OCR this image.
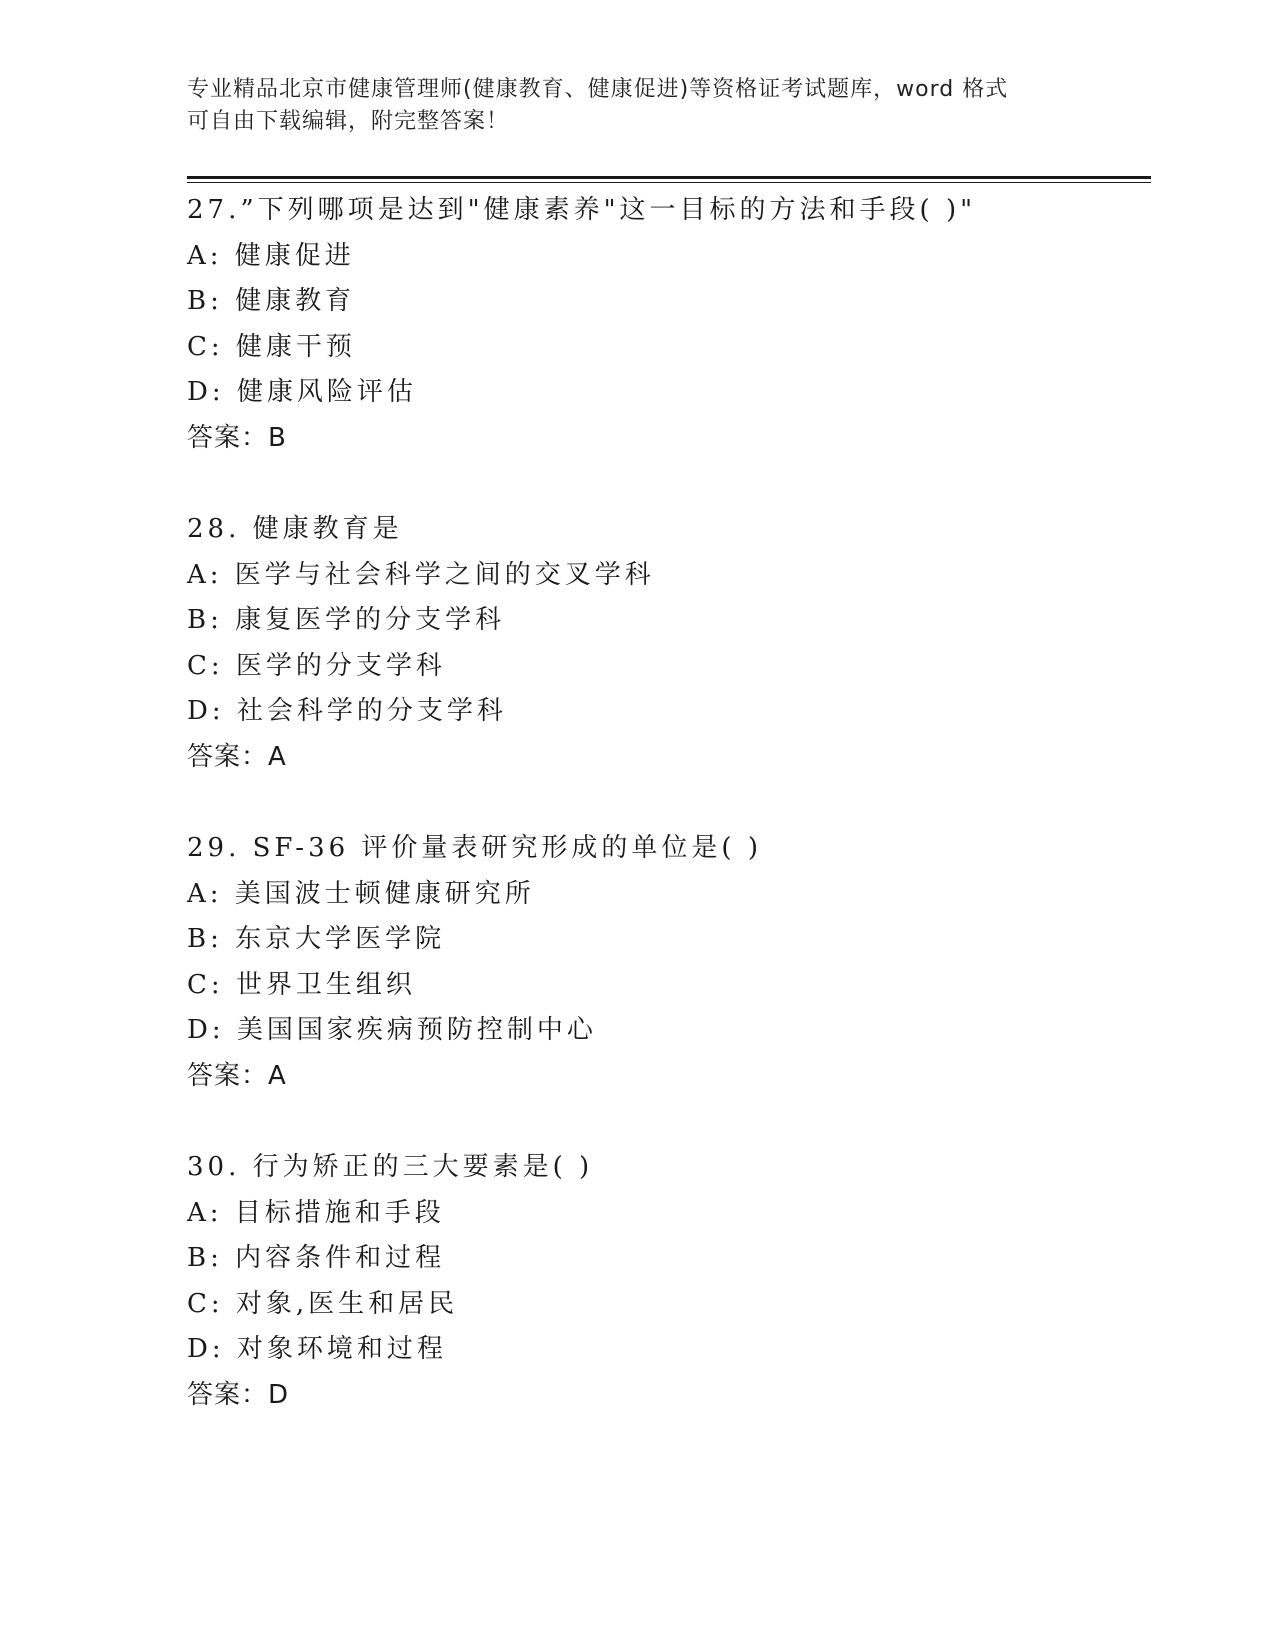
专业精品北京市健康管理师(健康教育、健康促进)等资格证考试题库，word 格式
可自由下载编辑，附完整答案！
27.”下列哪项是达到"健康素养"这一目标的方法和手段( )"
A: 健康促进
B: 健康教育
C: 健康干预
D: 健康风险评估
答案：B
28. 健康教育是
A: 医学与社会科学之间的交叉学科
B: 康复医学的分支学科
C: 医学的分支学科
D: 社会科学的分支学科
答案：A
29. SF-36 评价量表研究形成的单位是( )
A: 美国波士顿健康研究所
B: 东京大学医学院
C: 世界卫生组织
D: 美国国家疾病预防控制中心
答案：A
30. 行为矫正的三大要素是( )
A: 目标措施和手段
B: 内容条件和过程
C: 对象,医生和居民
D: 对象环境和过程
答案：D
